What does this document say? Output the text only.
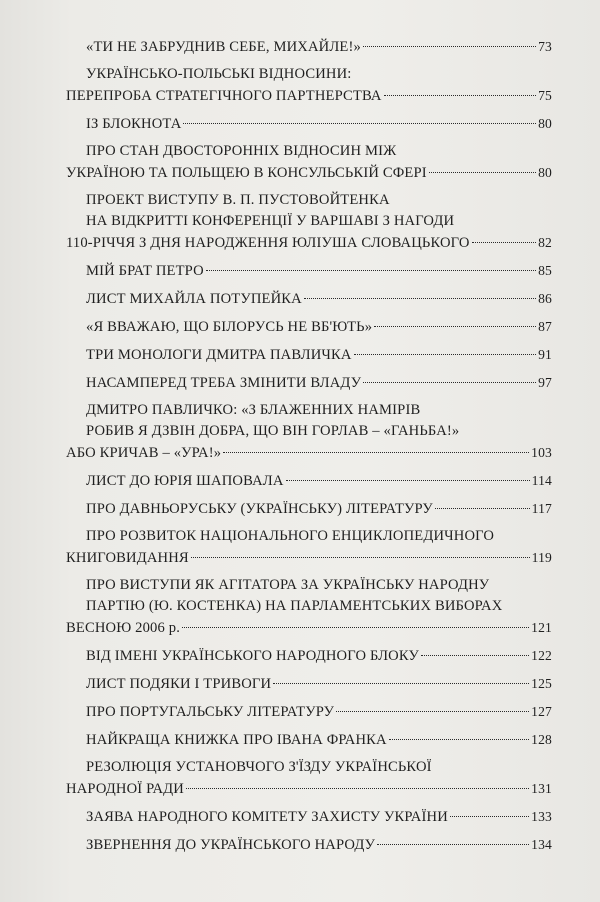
«ТИ НЕ ЗАБРУДНИВ СЕБЕ, МИХАЙЛЕ!»	73
УКРАЇНСЬКО-ПОЛЬСЬКІ ВІДНОСИНИ:
ПЕРЕПРОБА СТРАТЕГІЧНОГО ПАРТНЕРСТВА	75
ІЗ БЛОКНОТА	80
ПРО СТАН ДВОСТОРОННІХ ВІДНОСИН МІЖ
УКРАЇНОЮ ТА ПОЛЬЩЕЮ В КОНСУЛЬСЬКІЙ СФЕРІ	80
ПРОЕКТ ВИСТУПУ В. П. ПУСТОВОЙТЕНКА
НА ВІДКРИТТІ КОНФЕРЕНЦІЇ У ВАРШАВІ З НАГОДИ
110-РІЧЧЯ З ДНЯ НАРОДЖЕННЯ ЮЛІУША СЛОВАЦЬКОГО	82
МІЙ БРАТ ПЕТРО	85
ЛИСТ МИХАЙЛА ПОТУПЕЙКА	86
«Я ВВАЖАЮ, ЩО БІЛОРУСЬ НЕ ВБ'ЮТЬ»	87
ТРИ МОНОЛОГИ ДМИТРА ПАВЛИЧКА	91
НАСАМПЕРЕД ТРЕБА ЗМІНИТИ ВЛАДУ	97
ДМИТРО ПАВЛИЧКО: «З БЛАЖЕННИХ НАМІРІВ
РОБИВ Я ДЗВІН ДОБРА, ЩО ВІН ГОРЛАВ – «ГАНЬБА!»
АБО КРИЧАВ – «УРА!»	103
ЛИСТ ДО ЮРІЯ ШАПОВАЛА	114
ПРО ДАВНЬОРУСЬКУ (УКРАЇНСЬКУ) ЛІТЕРАТУРУ	117
ПРО РОЗВИТОК НАЦІОНАЛЬНОГО ЕНЦИКЛОПЕДИЧНОГО
КНИГОВИДАННЯ	119
ПРО ВИСТУПИ ЯК АГІТАТОРА ЗА УКРАЇНСЬКУ НАРОДНУ
ПАРТІЮ (Ю. КОСТЕНКА) НА ПАРЛАМЕНТСЬКИХ ВИБОРАХ
ВЕСНОЮ 2006 р.	121
ВІД ІМЕНІ УКРАЇНСЬКОГО НАРОДНОГО БЛОКУ	122
ЛИСТ ПОДЯКИ І ТРИВОГИ	125
ПРО ПОРТУГАЛЬСЬКУ ЛІТЕРАТУРУ	127
НАЙКРАЩА КНИЖКА ПРО ІВАНА ФРАНКА	128
РЕЗОЛЮЦІЯ УСТАНОВЧОГО З'ЇЗДУ УКРАЇНСЬКОЇ
НАРОДНОЇ РАДИ	131
ЗАЯВА НАРОДНОГО КОМІТЕТУ ЗАХИСТУ УКРАЇНИ	133
ЗВЕРНЕННЯ ДО УКРАЇНСЬКОГО НАРОДУ	134
